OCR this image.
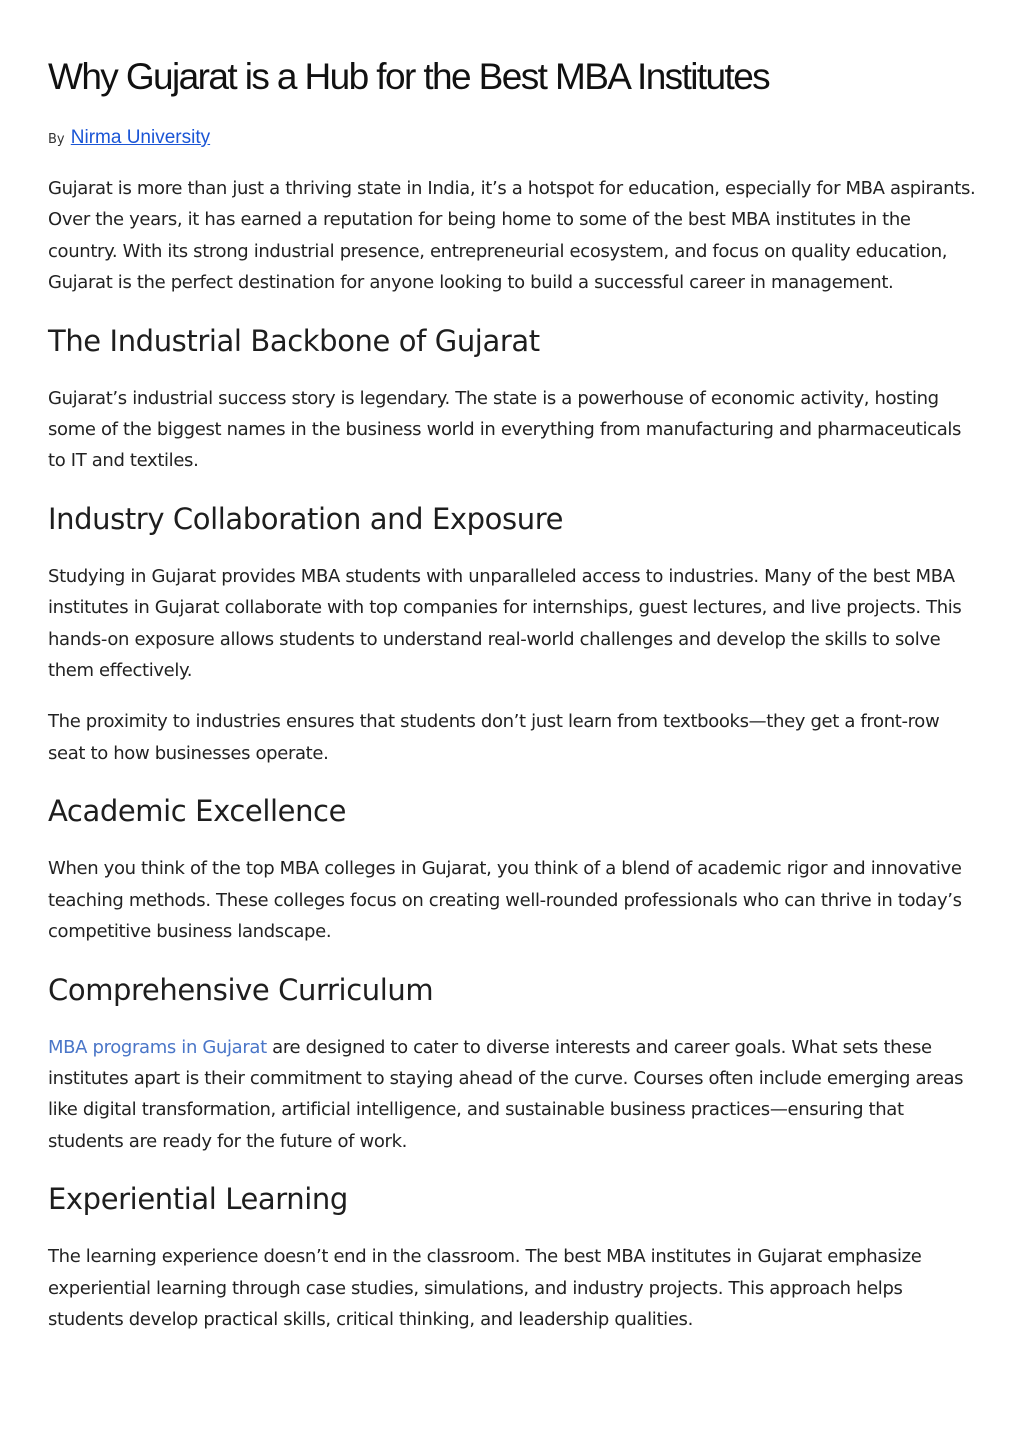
Why Gujarat is a Hub for the Best MBA Institutes
By Nirma University

Gujarat is more than just a thriving state in India, it’s a hotspot for education, especially for MBA aspirants. Over the years, it has earned a reputation for being home to some of the best MBA institutes in the country. With its strong industrial presence, entrepreneurial ecosystem, and focus on quality education, Gujarat is the perfect destination for anyone looking to build a successful career in management.

The Industrial Backbone of Gujarat

Gujarat’s industrial success story is legendary. The state is a powerhouse of economic activity, hosting some of the biggest names in the business world in everything from manufacturing and pharmaceuticals to IT and textiles.

Industry Collaboration and Exposure

Studying in Gujarat provides MBA students with unparalleled access to industries. Many of the best MBA institutes in Gujarat collaborate with top companies for internships, guest lectures, and live projects. This hands-on exposure allows students to understand real-world challenges and develop the skills to solve them effectively.

The proximity to industries ensures that students don’t just learn from textbooks—they get a front-row seat to how businesses operate.

Academic Excellence

When you think of the top MBA colleges in Gujarat, you think of a blend of academic rigor and innovative teaching methods. These colleges focus on creating well-rounded professionals who can thrive in today’s competitive business landscape.

Comprehensive Curriculum

MBA programs in Gujarat are designed to cater to diverse interests and career goals. What sets these institutes apart is their commitment to staying ahead of the curve. Courses often include emerging areas like digital transformation, artificial intelligence, and sustainable business practices—ensuring that students are ready for the future of work.

Experiential Learning

The learning experience doesn’t end in the classroom. The best MBA institutes in Gujarat emphasize experiential learning through case studies, simulations, and industry projects. This approach helps students develop practical skills, critical thinking, and leadership qualities.
